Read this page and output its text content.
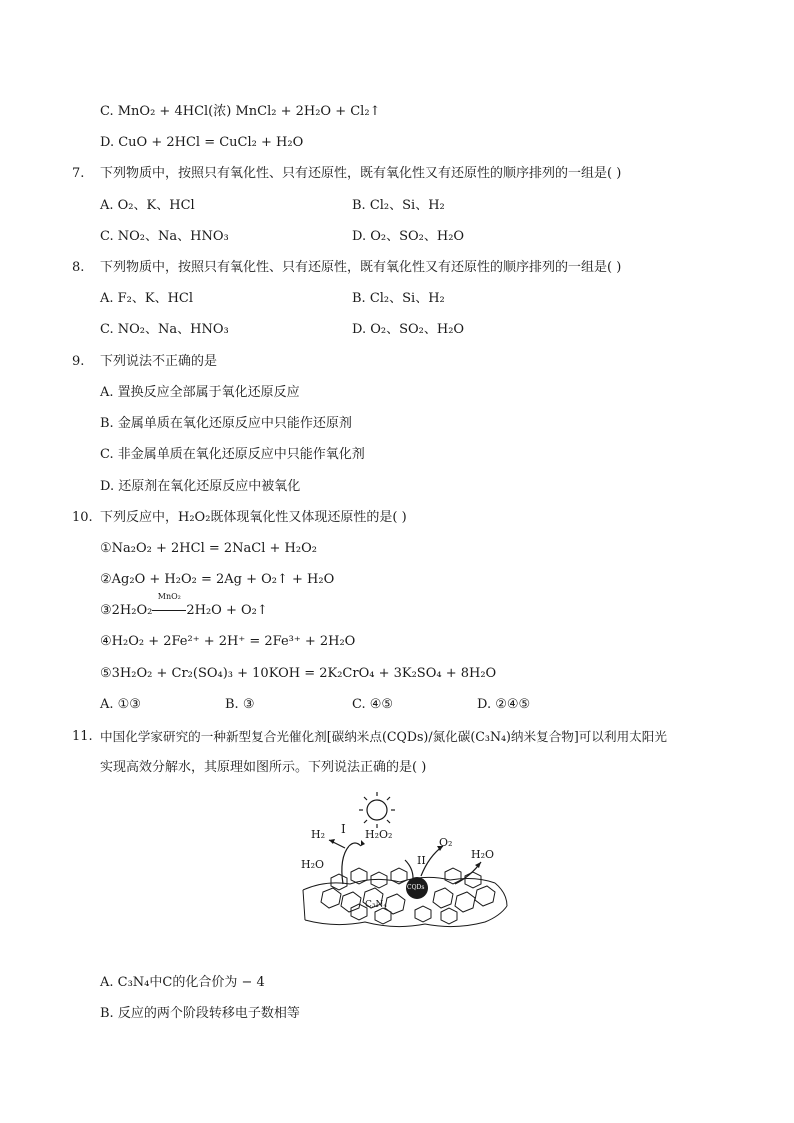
C. MnO₂ + 4HCl(浓) MnCl₂ + 2H₂O + Cl₂↑
D. CuO + 2HCl = CuCl₂ + H₂O
7. 下列物质中，按照只有氧化性、只有还原性，既有氧化性又有还原性的顺序排列的一组是( )
A. O₂、K、HCl	B. Cl₂、Si、H₂
C. NO₂、Na、HNO₃	D. O₂、SO₂、H₂O
8. 下列物质中，按照只有氧化性、只有还原性，既有氧化性又有还原性的顺序排列的一组是( )
A. F₂、K、HCl	B. Cl₂、Si、H₂
C. NO₂、Na、HNO₃	D. O₂、SO₂、H₂O
9. 下列说法不正确的是
A. 置换反应全部属于氧化还原反应
B. 金属单质在氧化还原反应中只能作还原剂
C. 非金属单质在氧化还原反应中只能作氧化剂
D. 还原剂在氧化还原反应中被氧化
10. 下列反应中，H₂O₂既体现氧化性又体现还原性的是( )
①Na₂O₂ + 2HCl = 2NaCl + H₂O₂
②Ag₂O + H₂O₂ = 2Ag + O₂↑ + H₂O
③2H₂O₂
MnO₂
2H₂O + O₂↑
④H₂O₂ + 2Fe²⁺ + 2H⁺ = 2Fe³⁺ + 2H₂O
⑤3H₂O₂ + Cr₂(SO₄)₃ + 10KOH = 2K₂CrO₄ + 3K₂SO₄ + 8H₂O
A. ①③	B. ③	C. ④⑤	D. ②④⑤
11. 中国化学家研究的一种新型复合光催化剂[碳纳米点(CQDs)/氮化碳(C₃N₄)纳米复合物]可以利用太阳光
实现高效分解水，其原理如图所示。下列说法正确的是( )
H₂ I H₂O₂
O₂
II
H₂O
H₂O
CQDs
C₃N₄
A. C₃N₄中C的化合价为 − 4
B. 反应的两个阶段转移电子数相等
